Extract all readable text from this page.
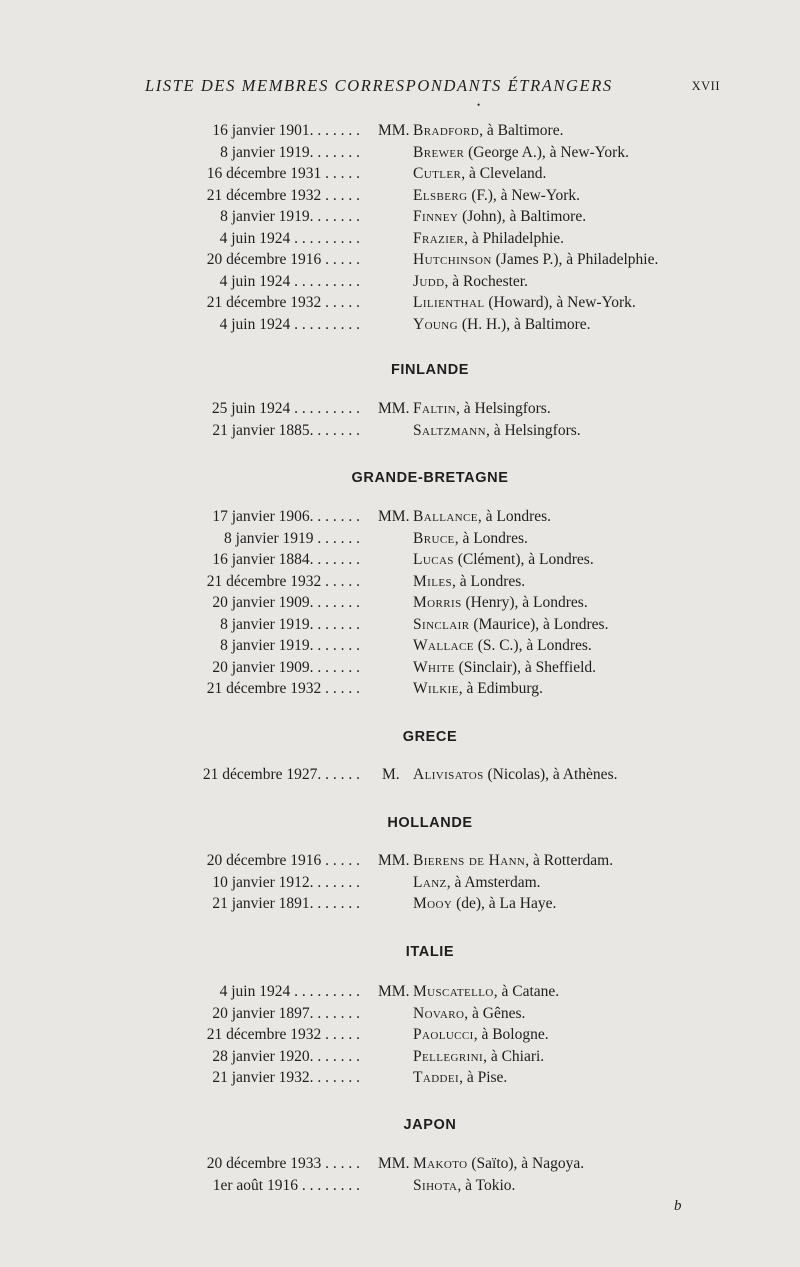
LISTE DES MEMBRES CORRESPONDANTS ÉTRANGERS	XVII
•
16 janvier 1901. . . . . . . MM. Bradford, à Baltimore.
8 janvier 1919. . . . . . .	Brewer (George A.), à New-York.
16 décembre 1931 . . . . .	Cutler, à Cleveland.
21 décembre 1932 . . . . .	Elsberg (F.), à New-York.
8 janvier 1919. . . . . . .	Finney (John), à Baltimore.
4 juin 1924 . . . . . . . . .	Frazier, à Philadelphie.
20 décembre 1916 . . . . .	Hutchinson (James P.), à Philadelphie.
4 juin 1924 . . . . . . . . .	Judd, à Rochester.
21 décembre 1932 . . . . .	Lilienthal (Howard), à New-York.
4 juin 1924 . . . . . . . . .	Young (H. H.), à Baltimore.
FINLANDE
25 juin 1924 . . . . . . . . . MM. Faltin, à Helsingfors.
21 janvier 1885. . . . . . .	Saltzmann, à Helsingfors.
GRANDE-BRETAGNE
17 janvier 1906. . . . . . . MM. Ballance, à Londres.
8 janvier 1919 . . . . . .	Bruce, à Londres.
16 janvier 1884. . . . . . .	Lucas (Clément), à Londres.
21 décembre 1932 . . . . .	Miles, à Londres.
20 janvier 1909. . . . . . .	Morris (Henry), à Londres.
8 janvier 1919. . . . . . .	Sinclair (Maurice), à Londres.
8 janvier 1919. . . . . . .	Wallace (S. C.), à Londres.
20 janvier 1909. . . . . . .	White (Sinclair), à Sheffield.
21 décembre 1932 . . . . .	Wilkie, à Edimburg.
GRECE
21 décembre 1927. . . . . . M. Alivisatos (Nicolas), à Athènes.
HOLLANDE
20 décembre 1916 . . . . . MM. Bierens de Hann, à Rotterdam.
10 janvier 1912. . . . . . .	Lanz, à Amsterdam.
21 janvier 1891. . . . . . .	Mooy (de), à La Haye.
ITALIE
4 juin 1924 . . . . . . . . . MM. Muscatello, à Catane.
20 janvier 1897. . . . . . .	Novaro, à Gênes.
21 décembre 1932 . . . . .	Paolucci, à Bologne.
28 janvier 1920. . . . . . .	Pellegrini, à Chiari.
21 janvier 1932. . . . . . .	Taddei, à Pise.
JAPON
20 décembre 1933 . . . . . MM. Makoto (Saïto), à Nagoya.
1er août 1916 . . . . . . . .	Sihota, à Tokio.
b
